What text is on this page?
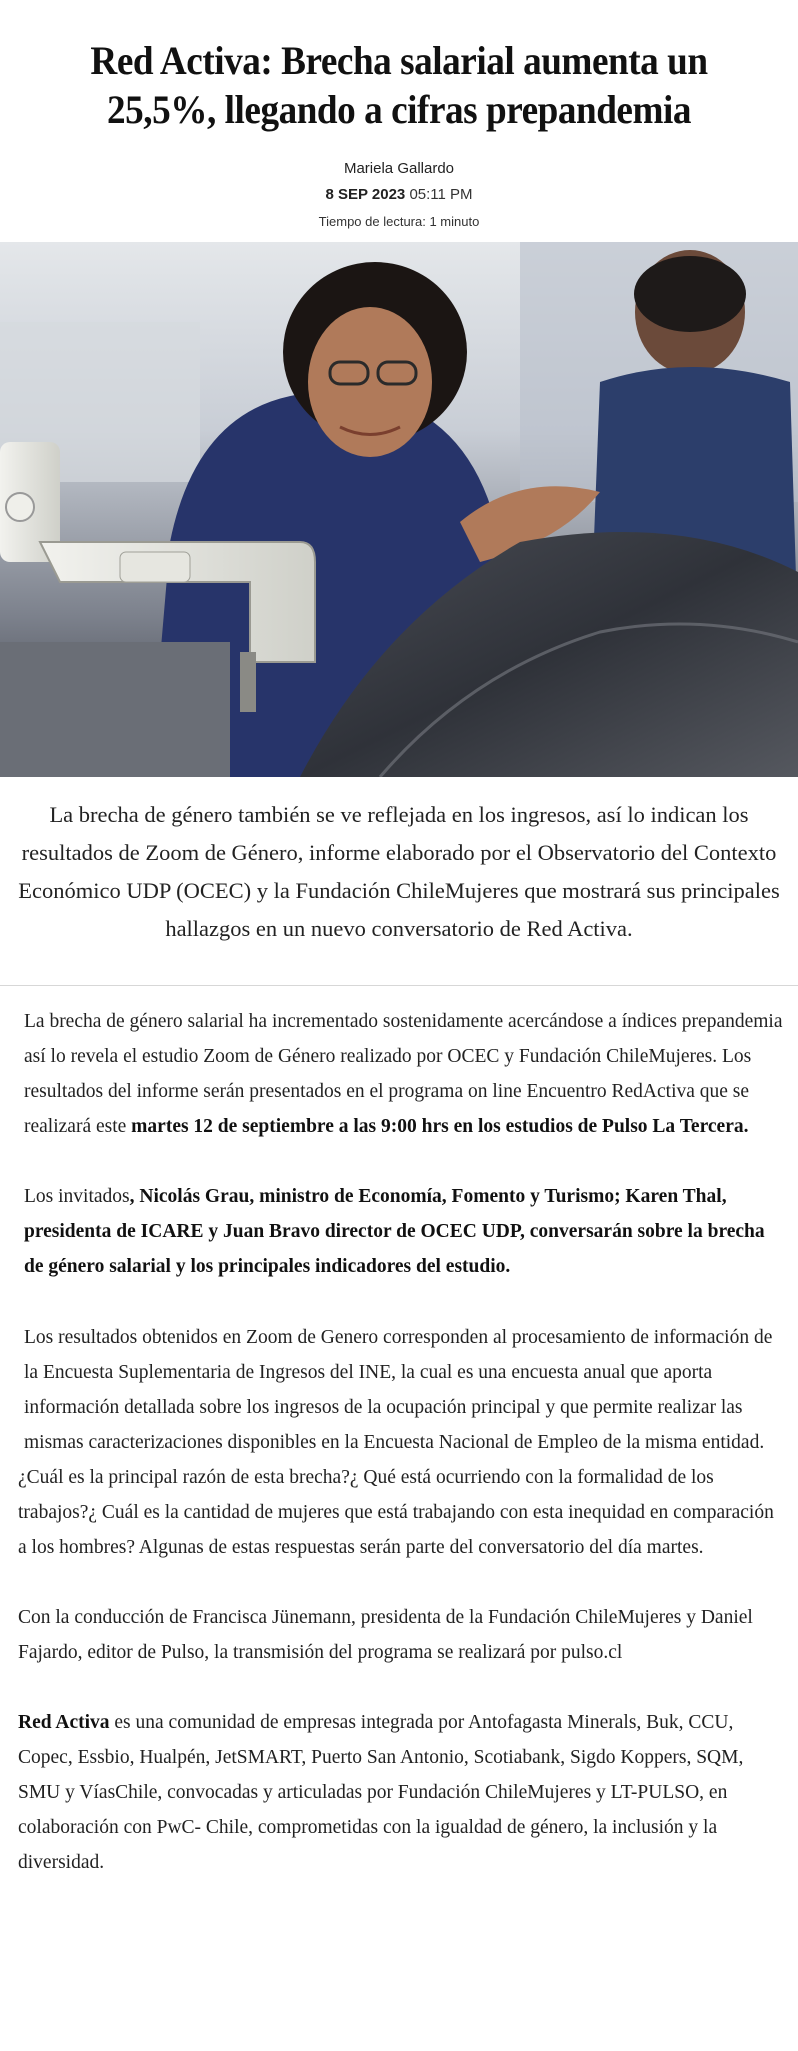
Red Activa: Brecha salarial aumenta un 25,5%, llegando a cifras prepandemia
Mariela Gallardo
8 SEP 2023 05:11 PM
Tiempo de lectura: 1 minuto

La brecha de género también se ve reflejada en los ingresos, así lo indican los resultados de Zoom de Género, informe elaborado por el Observatorio del Contexto Económico UDP (OCEC) y la Fundación ChileMujeres que mostrará sus principales hallazgos en un nuevo conversatorio de Red Activa.

La brecha de género salarial ha incrementado sostenidamente acercándose a índices prepandemia así lo revela el estudio Zoom de Género realizado por OCEC y Fundación ChileMujeres. Los resultados del informe serán presentados en el programa on line Encuentro RedActiva que se realizará este martes 12 de septiembre a las 9:00 hrs en los estudios de Pulso La Tercera.

Los invitados, Nicolás Grau, ministro de Economía, Fomento y Turismo; Karen Thal, presidenta de ICARE y Juan Bravo director de OCEC UDP, conversarán sobre la brecha de género salarial y los principales indicadores del estudio.

Los resultados obtenidos en Zoom de Genero corresponden al procesamiento de información de la Encuesta Suplementaria de Ingresos del INE, la cual es una encuesta anual que aporta información detallada sobre los ingresos de la ocupación principal y que permite realizar las mismas caracterizaciones disponibles en la Encuesta Nacional de Empleo de la misma entidad.

¿Cuál es la principal razón de esta brecha?¿ Qué está ocurriendo con la formalidad de los trabajos?¿ Cuál es la cantidad de mujeres que está trabajando con esta inequidad en comparación a los hombres? Algunas de estas respuestas serán parte del conversatorio del día martes.

Con la conducción de Francisca Jünemann, presidenta de la Fundación ChileMujeres y Daniel Fajardo, editor de Pulso, la transmisión del programa se realizará por pulso.cl

Red Activa es una comunidad de empresas integrada por Antofagasta Minerals, Buk, CCU, Copec, Essbio, Hualpén, JetSMART, Puerto San Antonio, Scotiabank, Sigdo Koppers, SQM, SMU y VíasChile, convocadas y articuladas por Fundación ChileMujeres y LT-PULSO, en colaboración con PwC- Chile, comprometidas con la igualdad de género, la inclusión y la diversidad.
